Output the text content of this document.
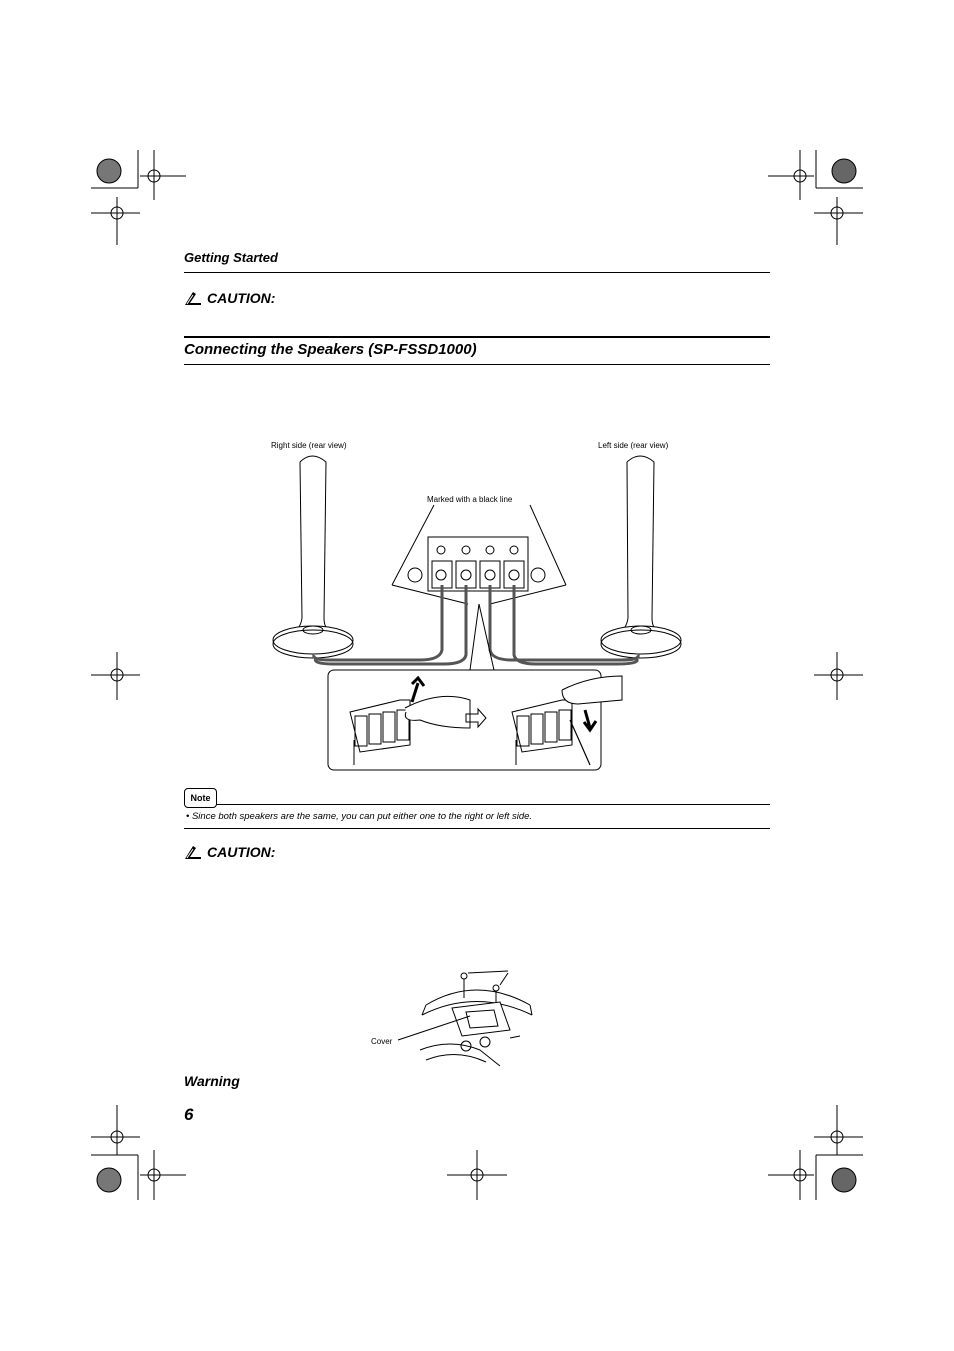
Getting Started
CAUTION:
Connecting the Speakers (SP-FSSD1000)
Right side (rear view)	Left side (rear view)
Marked with a black line
Note
• Since both speakers are the same, you can put either one to the right or left side.
CAUTION:
Cover
Warning
6
